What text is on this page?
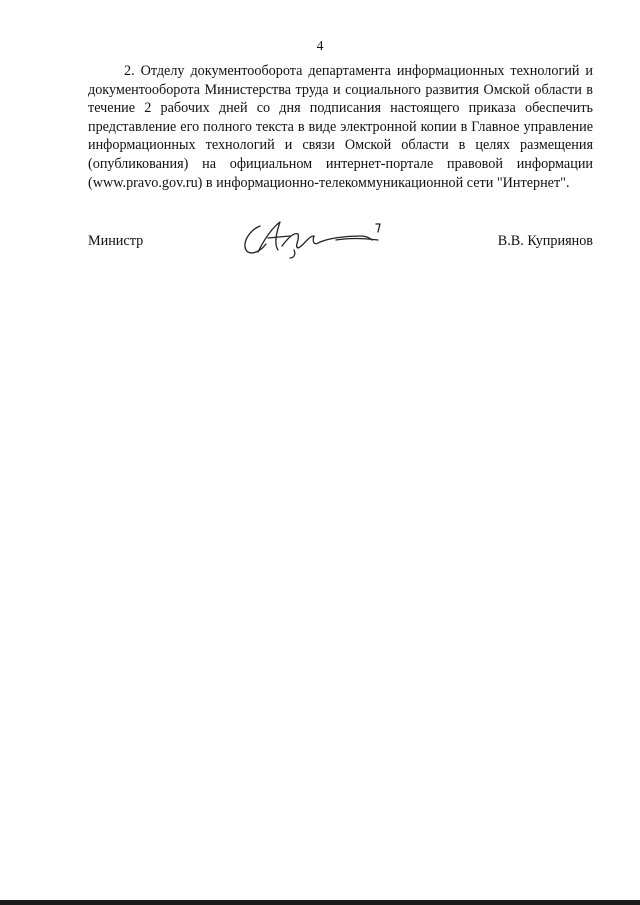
4

2. Отделу документооборота департамента информационных технологий и документооборота Министерства труда и социального развития Омской области в течение 2 рабочих дней со дня подписания настоящего приказа обеспечить представление его полного текста в виде электронной копии в Главное управление информационных технологий и связи Омской области в целях размещения (опубликования) на официальном интернет-портале правовой информации (www.pravo.gov.ru) в информационно-телекоммуникационной сети "Интернет".

Министр	В.В. Куприянов
